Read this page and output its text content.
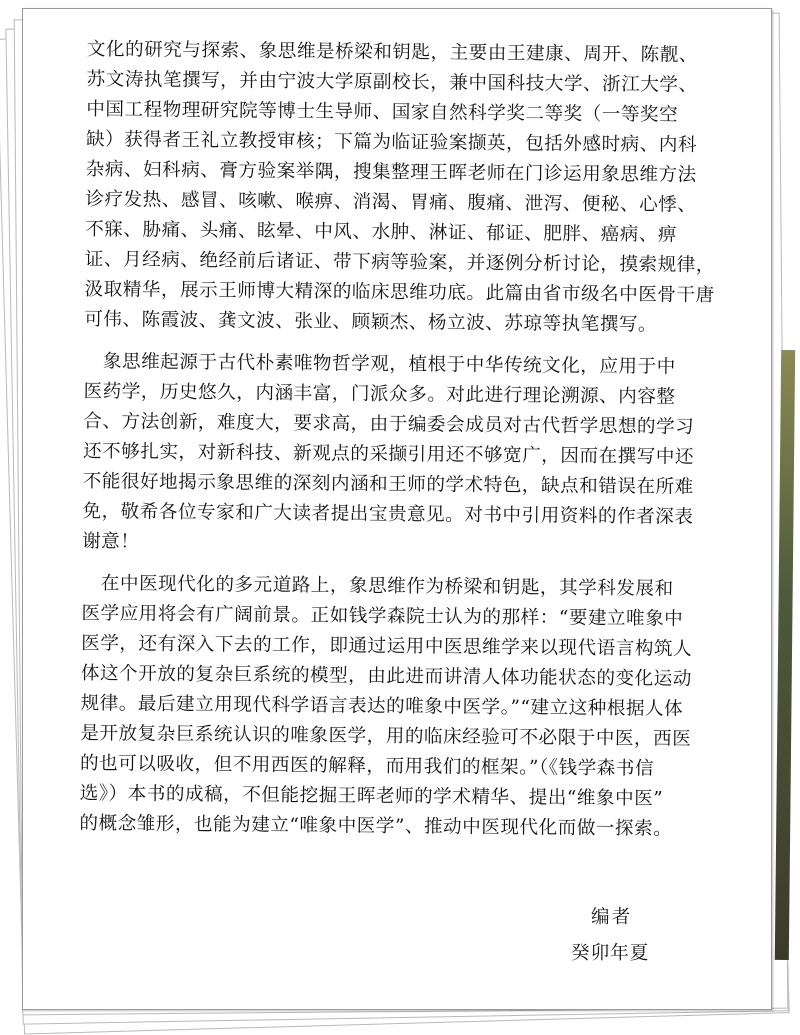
文化的研究与探索、象思维是桥梁和钥匙，主要由王建康、周开、陈靓、
苏文涛执笔撰写，并由宁波大学原副校长，兼中国科技大学、浙江大学、
中国工程物理研究院等博士生导师、国家自然科学奖二等奖（一等奖空
缺）获得者王礼立教授审核；下篇为临证验案撷英，包括外感时病、内科
杂病、妇科病、膏方验案举隅，搜集整理王晖老师在门诊运用象思维方法
诊疗发热、感冒、咳嗽、喉痹、消渴、胃痛、腹痛、泄泻、便秘、心悸、
不寐、胁痛、头痛、眩晕、中风、水肿、淋证、郁证、肥胖、癌病、痹
证、月经病、绝经前后诸证、带下病等验案，并逐例分析讨论，摸索规律，
汲取精华，展示王师博大精深的临床思维功底。此篇由省市级名中医骨干唐
可伟、陈霞波、龚文波、张业、顾颖杰、杨立波、苏琼等执笔撰写。
　象思维起源于古代朴素唯物哲学观，植根于中华传统文化，应用于中
医药学，历史悠久，内涵丰富，门派众多。对此进行理论溯源、内容整
合、方法创新，难度大，要求高，由于编委会成员对古代哲学思想的学习
还不够扎实，对新科技、新观点的采撷引用还不够宽广，因而在撰写中还
不能很好地揭示象思维的深刻内涵和王师的学术特色，缺点和错误在所难
免，敬希各位专家和广大读者提出宝贵意见。对书中引用资料的作者深表
谢意！
　在中医现代化的多元道路上，象思维作为桥梁和钥匙，其学科发展和
医学应用将会有广阔前景。正如钱学森院士认为的那样：“要建立唯象中
医学，还有深入下去的工作，即通过运用中医思维学来以现代语言构筑人
体这个开放的复杂巨系统的模型，由此进而讲清人体功能状态的变化运动
规律。最后建立用现代科学语言表达的唯象中医学。”“建立这种根据人体
是开放复杂巨系统认识的唯象医学，用的临床经验可不必限于中医，西医
的也可以吸收，但不用西医的解释，而用我们的框架。”（《钱学森书信
选》）本书的成稿，不但能挖掘王晖老师的学术精华、提出“维象中医”
的概念雏形，也能为建立“唯象中医学”、推动中医现代化而做一探索。
编者
癸卯年夏
